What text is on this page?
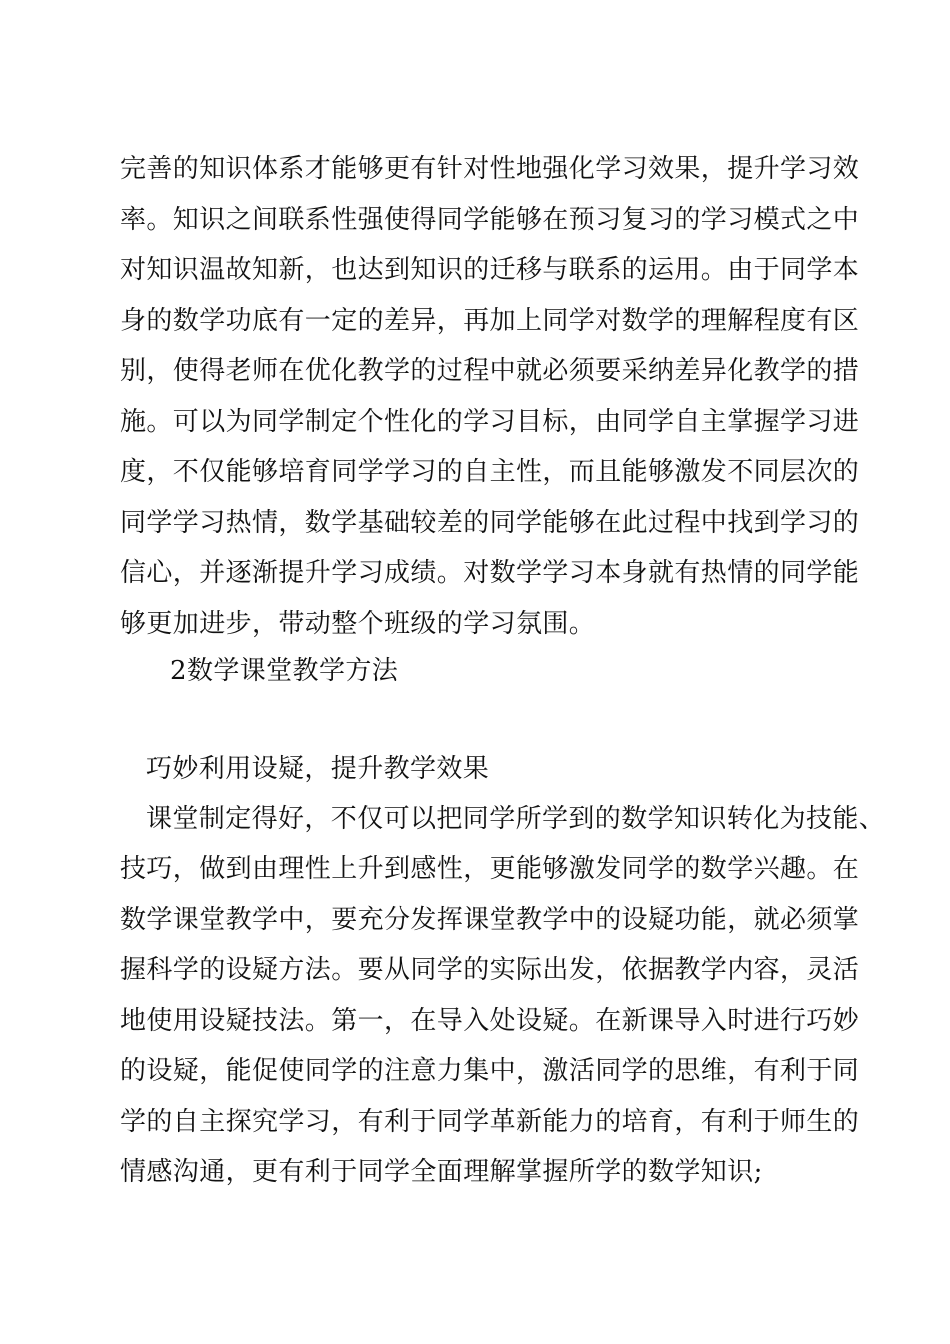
完善的知识体系才能够更有针对性地强化学习效果，提升学习效
率。知识之间联系性强使得同学能够在预习复习的学习模式之中
对知识温故知新，也达到知识的迁移与联系的运用。由于同学本
身的数学功底有一定的差异，再加上同学对数学的理解程度有区
别，使得老师在优化教学的过程中就必须要采纳差异化教学的措
施。可以为同学制定个性化的学习目标，由同学自主掌握学习进
度，不仅能够培育同学学习的自主性，而且能够激发不同层次的
同学学习热情，数学基础较差的同学能够在此过程中找到学习的
信心，并逐渐提升学习成绩。对数学学习本身就有热情的同学能
够更加进步，带动整个班级的学习氛围。
2数学课堂教学方法
巧妙利用设疑，提升教学效果
课堂制定得好，不仅可以把同学所学到的数学知识转化为技能、
技巧，做到由理性上升到感性，更能够激发同学的数学兴趣。在
数学课堂教学中，要充分发挥课堂教学中的设疑功能，就必须掌
握科学的设疑方法。要从同学的实际出发，依据教学内容，灵活
地使用设疑技法。第一，在导入处设疑。在新课导入时进行巧妙
的设疑，能促使同学的注意力集中，激活同学的思维，有利于同
学的自主探究学习，有利于同学革新能力的培育，有利于师生的
情感沟通，更有利于同学全面理解掌握所学的数学知识;
